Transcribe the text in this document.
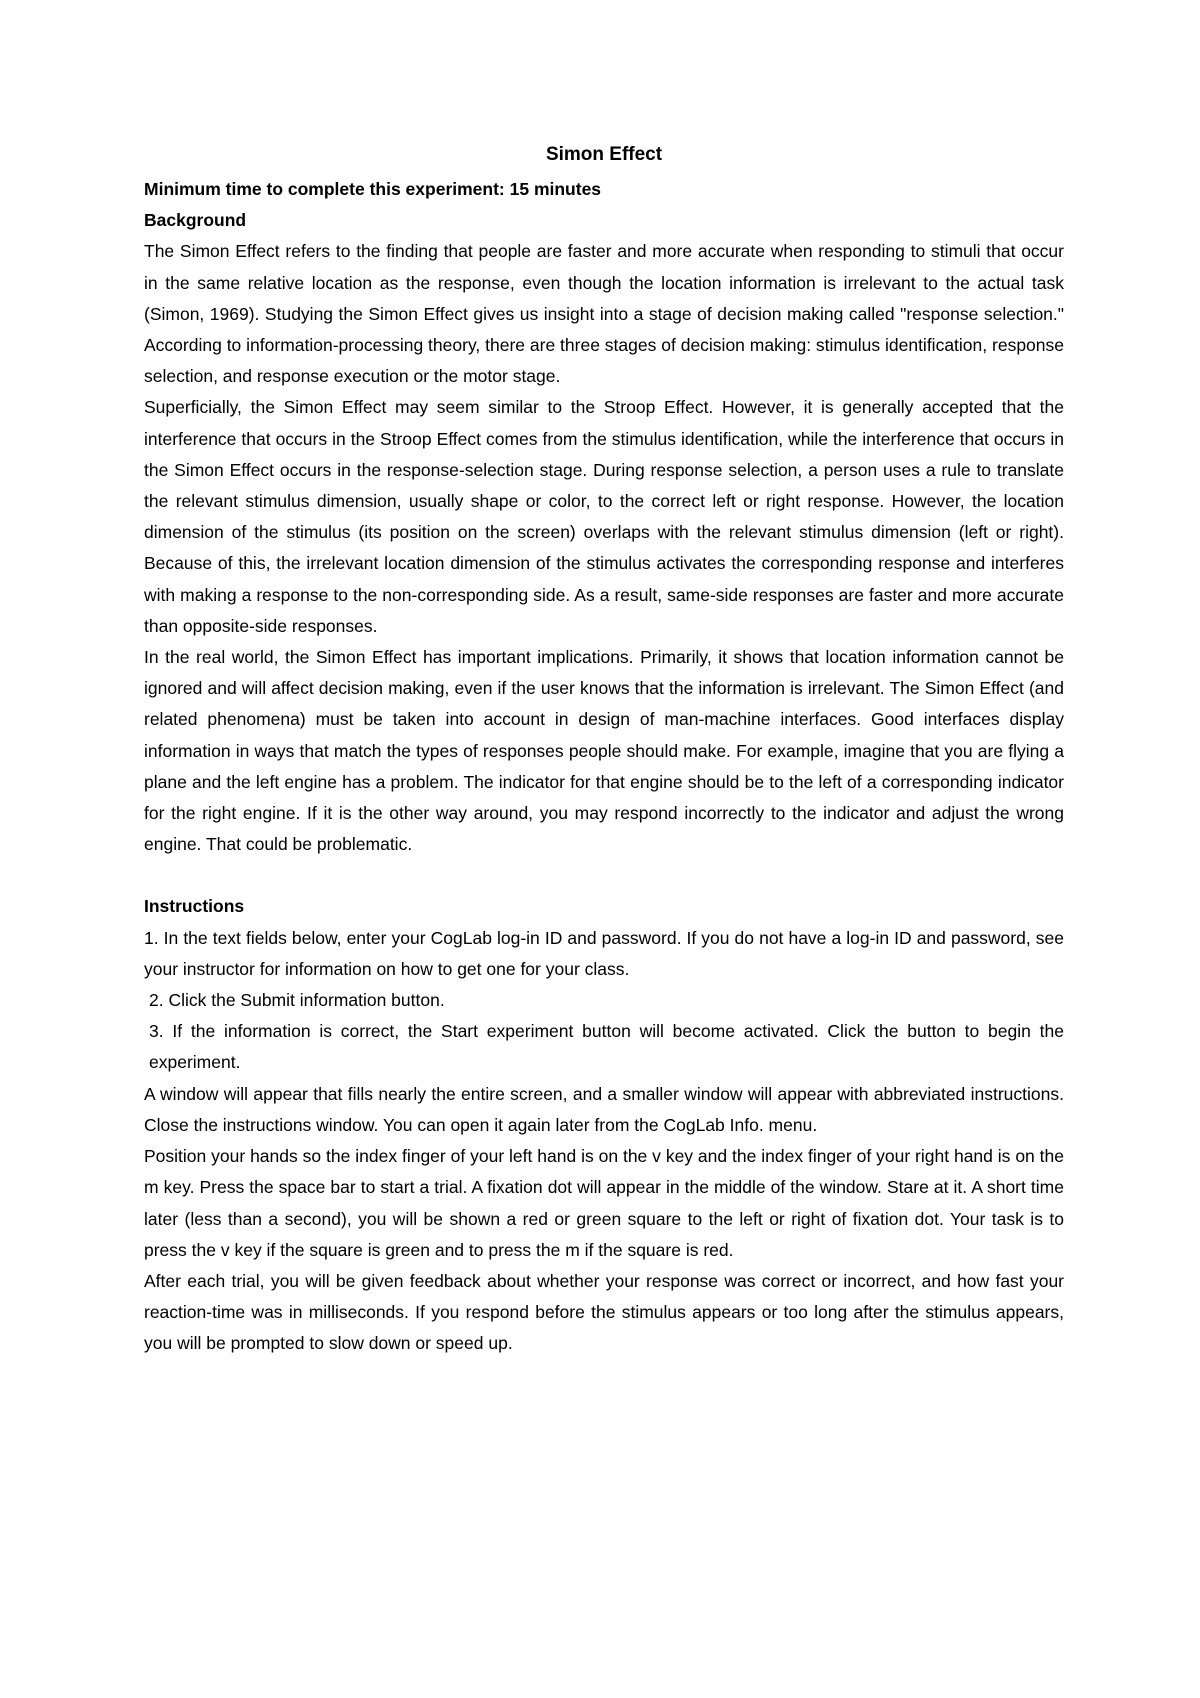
Simon Effect
Minimum time to complete this experiment: 15 minutes
Background

The Simon Effect refers to the finding that people are faster and more accurate when responding to stimuli that occur in the same relative location as the response, even though the location information is irrelevant to the actual task (Simon, 1969). Studying the Simon Effect gives us insight into a stage of decision making called "response selection." According to information-processing theory, there are three stages of decision making: stimulus identification, response selection, and response execution or the motor stage.

Superficially, the Simon Effect may seem similar to the Stroop Effect. However, it is generally accepted that the interference that occurs in the Stroop Effect comes from the stimulus identification, while the interference that occurs in the Simon Effect occurs in the response-selection stage. During response selection, a person uses a rule to translate the relevant stimulus dimension, usually shape or color, to the correct left or right response. However, the location dimension of the stimulus (its position on the screen) overlaps with the relevant stimulus dimension (left or right). Because of this, the irrelevant location dimension of the stimulus activates the corresponding response and interferes with making a response to the non-corresponding side. As a result, same-side responses are faster and more accurate than opposite-side responses.

In the real world, the Simon Effect has important implications. Primarily, it shows that location information cannot be ignored and will affect decision making, even if the user knows that the information is irrelevant. The Simon Effect (and related phenomena) must be taken into account in design of man-machine interfaces. Good interfaces display information in ways that match the types of responses people should make. For example, imagine that you are flying a plane and the left engine has a problem. The indicator for that engine should be to the left of a corresponding indicator for the right engine. If it is the other way around, you may respond incorrectly to the indicator and adjust the wrong engine. That could be problematic.

Instructions

1. In the text fields below, enter your CogLab log-in ID and password. If you do not have a log-in ID and password, see your instructor for information on how to get one for your class.

2. Click the Submit information button.

3. If the information is correct, the Start experiment button will become activated. Click the button to begin the experiment.

A window will appear that fills nearly the entire screen, and a smaller window will appear with abbreviated instructions. Close the instructions window. You can open it again later from the CogLab Info. menu.

Position your hands so the index finger of your left hand is on the v key and the index finger of your right hand is on the m key. Press the space bar to start a trial. A fixation dot will appear in the middle of the window. Stare at it. A short time later (less than a second), you will be shown a red or green square to the left or right of fixation dot. Your task is to press the v key if the square is green and to press the m if the square is red.

After each trial, you will be given feedback about whether your response was correct or incorrect, and how fast your reaction-time was in milliseconds. If you respond before the stimulus appears or too long after the stimulus appears, you will be prompted to slow down or speed up.
